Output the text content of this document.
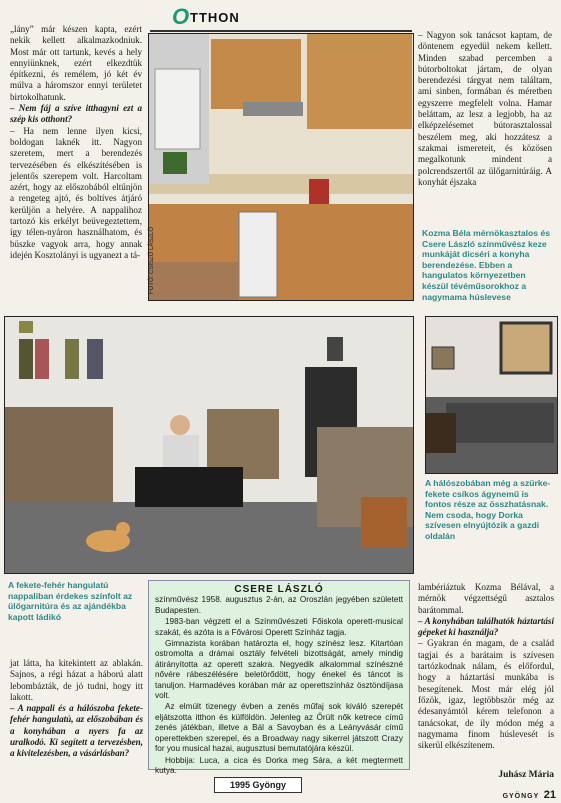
O TTHON

„lány” már készen kapta, ezért nekik kellett alkalmazkodniuk. Most már ott tartunk, kevés a hely ennyiünknek, ezért elkezdtük építkezni, és remélem, jó két év múlva a háromszor ennyi területet birtokolhatunk.

– Nem fáj a szíve itthagyni ezt a szép kis otthont?

– Ha nem lenne ilyen kicsi, boldogan laknék itt. Nagyon szeretem, mert a berendezés tervezésében és elkészítésében is jelentős szerepem volt. Harcoltam azért, hogy az előszobából eltűnjön a rengeteg ajtó, és boltíves átjáró kerüljön a helyére. A nappalihoz tartozó kis erkélyt beüvegeztettem, így télen-nyáron használhatom, és büszke vagyok arra, hogy annak idején Kosztolányi is ugyanezt a tá-	FOTÓ: CSISZÓ LÁSZLÓ

– Nagyon sok tanácsot kaptam, de döntenem egyedül nekem kellett. Minden szabad percemben a bútorboltokat jártam, de olyan berendezési tárgyat nem találtam, ami sinben, formában és méretben egyszerre megfelelt volna. Hamar beláttam, az lesz a legjobb, ha az elképzelésemet bútorasztalossal beszélem meg, aki hozzátesz a szakmai ismereteit, és közösen megalkotunk mindent a polcrendszertől az ülőgarnitúráig. A konyhát éjszaka

Kozma Béla mérnökasztalos és Csere László színművész keze munkáját dicséri a konyha berendezése. Ebben a hangulatos környezetben készül tévéműsorokhoz a nagymama húslevese
A hálószobában még a szürke-fekete csíkos ágynemű is fontos része az összhatásnak. Nem csoda, hogy Dorka szívesen elnyújtózik a gazdi oldalán
A fekete-fehér hangulatú nappaliban érdekes színfolt az ülőgarnitúra és az ajándékba kapott ládikó

jat látta, ha kitekintett az ablakán. Sajnos, a régi házat a háború alatt lebombázták, de jó tudni, hogy itt lakott.

– A nappali és a hálószoba fekete-fehér hangulatú, az előszobában és a konyhában a nyers fa az uralkodó. Ki segített a tervezésben, a kivitelezésben, a vásárlásban?

CSERE LÁSZLÓ

színművész 1958. augusztus 2-án, az Oroszlán jegyében született Budapesten.

1983-ban végzett el a Színművészeti Főiskola operett-musical szakát, és azóta is a Fővárosi Operett Színház tagja.

Gimnazista korában határozta el, hogy színész lesz. Kitartóan ostromolta a drámai osztály felvételi bizottságát, amely mindig átirányította az operett szakra. Negyedik alkalommal színészné nővére rábeszélésére beletörődött, hogy énekel és táncot is tanuljon. Harmadéves korában már az operettszínház ösztöndíjasa volt.

Az elmúlt tizenegy évben a zenés műfaj sok kiváló szerepét eljátszotta itthon és külföldön. Jelenleg az Őrült nők ketrece című zenés játékban, illetve a Bál a Savoyban és a Leányvásár című operettekben szerepel, és a Broadway nagy sikerrel játszott Crazy for you musical hazai, augusztusi bemutatójára készül.

Hobbija: Luca, a cica és Dorka meg Sára, a két megtermett kutya.

1995 Gyöngy

lambériáztuk Kozma Bélával, a mérnök végzettségű asztalos barátommal.

– A konyhában találhatók háztartási gépeket ki használja?

– Gyakran én magam, de a család tagjai és a barátaim is szívesen tartózkodnak nálam, és előfordul, hogy a háztartási munkába is besegítenek. Most már elég jól főzök, igaz, legtöbbször még az édesanyámtól kérem telefonon a tanácsokat, de ily módon még a nagymama finom húslevesét is sikerül elkészítenem.

Juhász Mária
GYÖNGY 21
